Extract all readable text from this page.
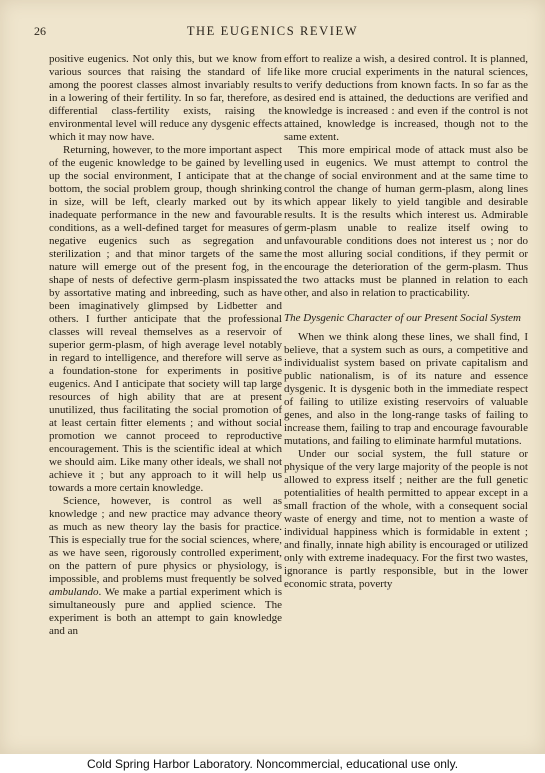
26	THE EUGENICS REVIEW

positive eugenics. Not only this, but we know from various sources that raising the standard of life among the poorest classes almost invariably results in a lowering of their fertility. In so far, therefore, as differential class-fertility exists, raising the environmental level will reduce any dysgenic effects which it may now have.

Returning, however, to the more important aspect of the eugenic knowledge to be gained by levelling up the social environment, I anticipate that at the bottom, the social problem group, though shrinking in size, will be left, clearly marked out by its inadequate performance in the new and favourable conditions, as a well-defined target for measures of negative eugenics such as segregation and sterilization ; and that minor targets of the same nature will emerge out of the present fog, in the shape of nests of defective germ-plasm inspissated by assortative mating and inbreeding, such as have been imaginatively glimpsed by Lidbetter and others. I further anticipate that the professional classes will reveal themselves as a reservoir of superior germ-plasm, of high average level notably in regard to intelligence, and therefore will serve as a foundation-stone for experiments in positive eugenics. And I anticipate that society will tap large resources of high ability that are at present unutilized, thus facilitating the social promotion of at least certain fitter elements ; and without social promotion we cannot proceed to reproductive encouragement. This is the scientific ideal at which we should aim. Like many other ideals, we shall not achieve it ; but any approach to it will help us towards a more certain knowledge.

Science, however, is control as well as knowledge ; and new practice may advance theory as much as new theory lay the basis for practice. This is especially true for the social sciences, where, as we have seen, rigorously controlled experiment, on the pattern of pure physics or physiology, is impossible, and problems must frequently be solved ambulando. We make a partial experiment which is simultaneously pure and applied science. The experiment is both an attempt to gain knowledge and an

effort to realize a wish, a desired control. It is planned, like more crucial experiments in the natural sciences, to verify deductions from known facts. In so far as the desired end is attained, the deductions are verified and knowledge is increased : and even if the control is not attained, knowledge is increased, though not to the same extent.

This more empirical mode of attack must also be used in eugenics. We must attempt to control the change of social environment and at the same time to control the change of human germ-plasm, along lines which appear likely to yield tangible and desirable results. It is the results which interest us. Admirable germ-plasm unable to realize itself owing to unfavourable conditions does not interest us ; nor do the most alluring social conditions, if they permit or encourage the deterioration of the germ-plasm. Thus the two attacks must be planned in relation to each other, and also in relation to practicability.

The Dysgenic Character of our Present Social System

When we think along these lines, we shall find, I believe, that a system such as ours, a competitive and individualist system based on private capitalism and public nationalism, is of its nature and essence dysgenic. It is dysgenic both in the immediate respect of failing to utilize existing reservoirs of valuable genes, and also in the long-range tasks of failing to increase them, failing to trap and encourage favourable mutations, and failing to eliminate harmful mutations.

Under our social system, the full stature or physique of the very large majority of the people is not allowed to express itself ; neither are the full genetic potentialities of health permitted to appear except in a small fraction of the whole, with a consequent social waste of energy and time, not to mention a waste of individual happiness which is formidable in extent ; and finally, innate high ability is encouraged or utilized only with extreme inadequacy. For the first two wastes, ignorance is partly responsible, but in the lower economic strata, poverty

Cold Spring Harbor Laboratory. Noncommercial, educational use only.
